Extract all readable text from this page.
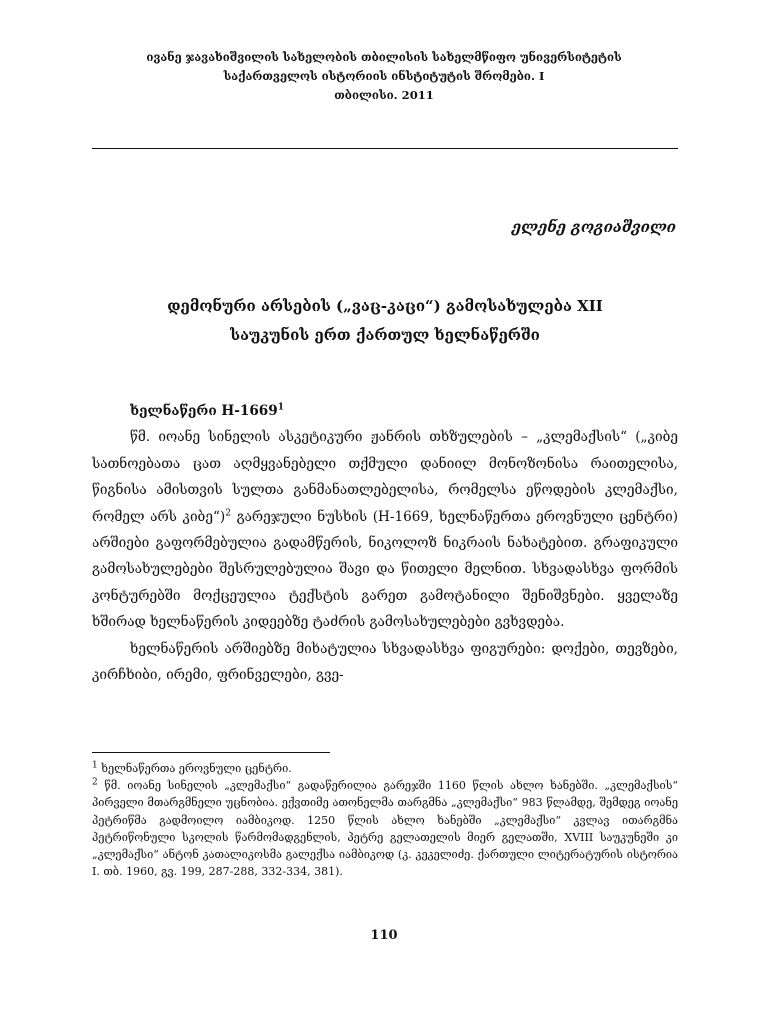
ივანე ჯავახიშვილის სახელობის თბილისის სახელმწიფო უნივერსიტეტის
საქართველოს ისტორიის ინსტიტუტის შრომები. I
თბილისი. 2011
ელენე გოგიაშვილი
დემონური არსების („ვაც-კაცი“) გამოსახულება XII
საუკუნის ერთ ქართულ ხელნაწერში
ხელნაწერი H-1669$^1$

წმ. იოანე სინელის ასკეტიკური ჟანრის თხზულების – „კლემაქსის“ („კიბე სათნოებათა ცათ აღმყვანებელი თქმული დანიილ მონოზონისა რაითელისა, წიგნისა ამისთვის სულთა განმანათლებელისა, რომელსა ეწოდების კლემაქსი, რომელ არს კიბე“)$^2$ გარეჯული ნუსხის (H-1669, ხელნაწერთა ეროვნული ცენტრი) არშიები გაფორმებულია გადამწერის, ნიკოლოზ ნიკრაის ნახატებით. გრაფიკული გამოსახულებები შესრულებულია შავი და წითელი მელნით. სხვადასხვა ფორმის კონტურებში მოქცეულია ტექსტის გარეთ გამოტანილი შენიშვნები. ყველაზე ხშირად ხელნაწერის კიდეებზე ტაძრის გამოსახულებები გვხვდება.

ხელნაწერის არშიებზე მიხატულია სხვადასხვა ფიგურები: დოქები, თევზები, კირჩხიბი, ირემი, ფრინველები, გვე-

$^1$ ხელნაწერთა ეროვნული ცენტრი.

$^2$ წმ. იოანე სინელის „კლემაქსი“ გადაწერილია გარეჯში 1160 წლის ახლო ხანებში. „კლემაქსის“ პირველი მთარგმნელი უცნობია. ექვთიმე ათონელმა თარგმნა „კლემაქსი“ 983 წლამდე, შემდეგ იოანე პეტრიწმა გადმოილო იამბიკოდ. 1250 წლის ახლო ხანებში „კლემაქსი“ კვლავ ითარგმნა პეტრიწონული სკოლის წარმომადგენლის, პეტრე გელათელის მიერ გელათში, XVIII საუკუნეში კი „კლემაქსი“ ანტონ კათალიკოსმა გალექსა იამბიკოდ (კ. კეკელიძე. ქართული ლიტერატურის ისტორია I. თბ. 1960, გვ. 199, 287-288, 332-334, 381).

110
